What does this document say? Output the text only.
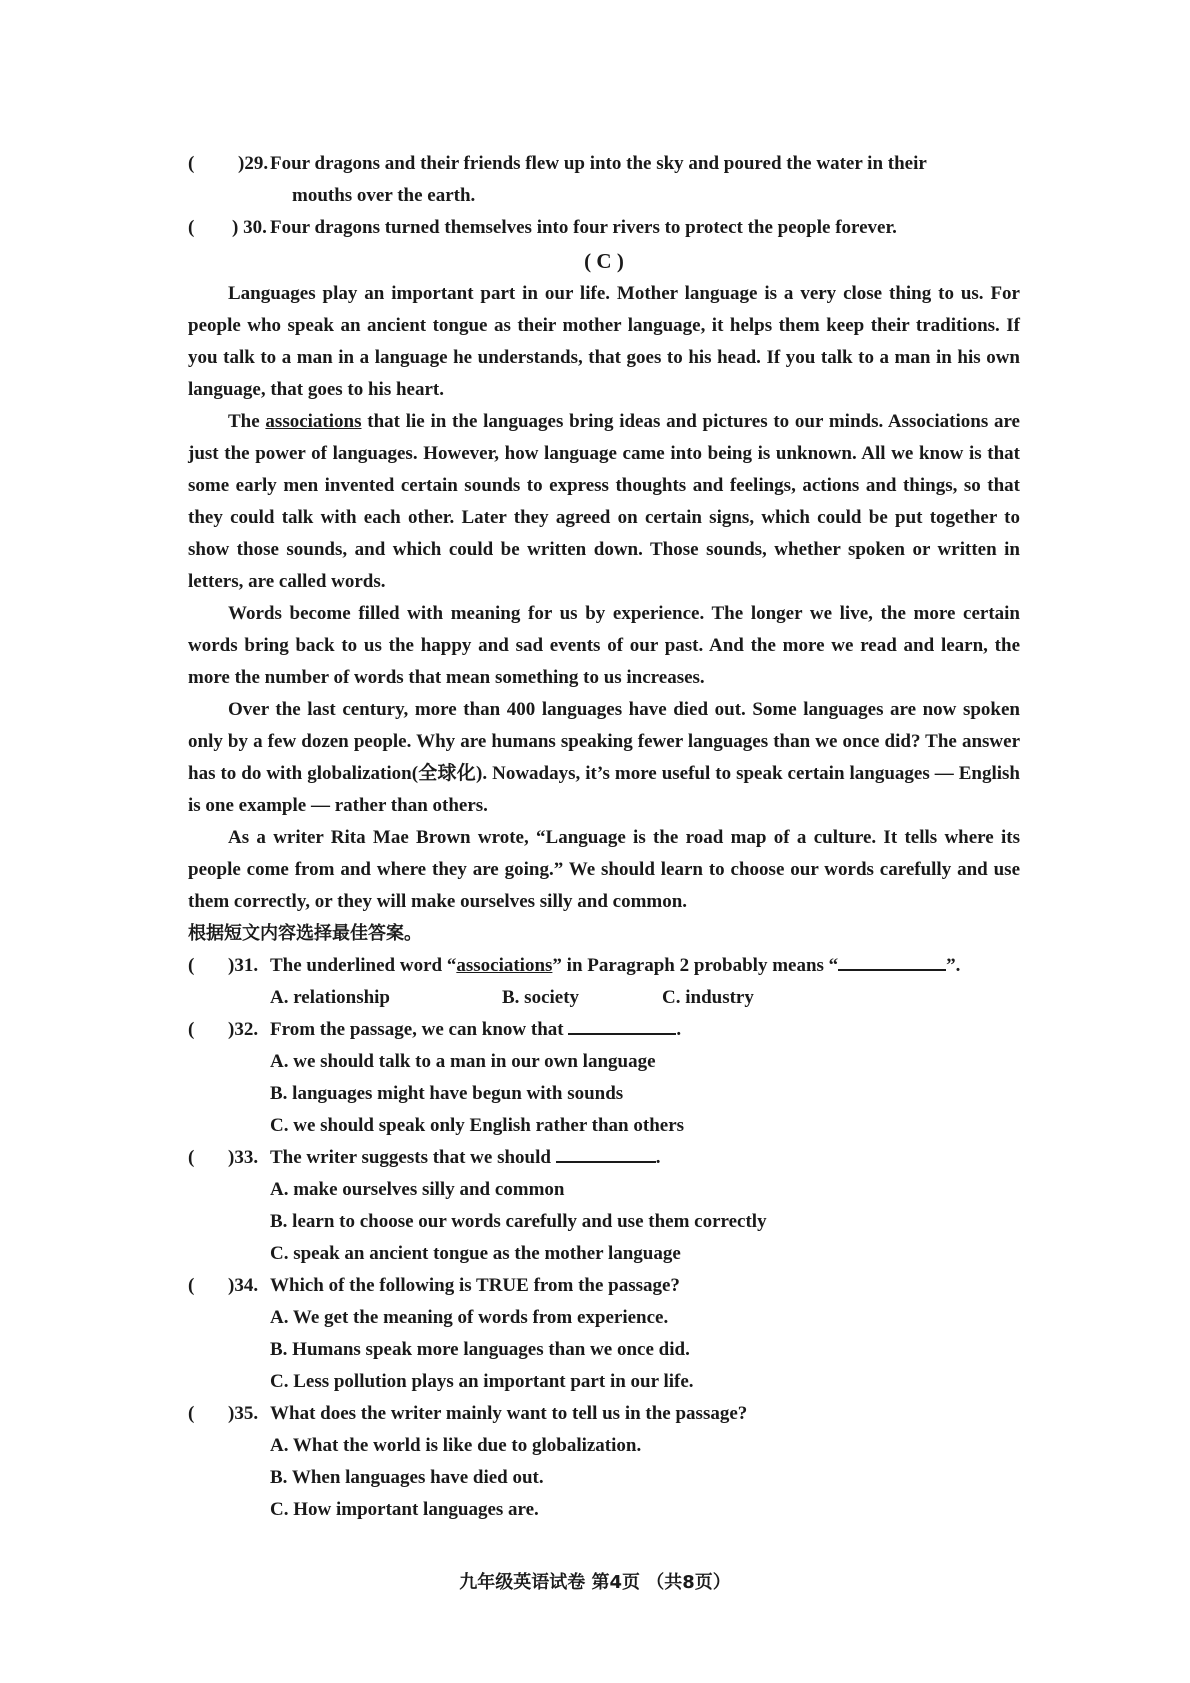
( )29. Four dragons and their friends flew up into the sky and poured the water in their
mouths over the earth.
( ) 30. Four dragons turned themselves into four rivers to protect the people forever.
( C )

Languages play an important part in our life. Mother language is a very close thing to us. For people who speak an ancient tongue as their mother language, it helps them keep their traditions. If you talk to a man in a language he understands, that goes to his head. If you talk to a man in his own language, that goes to his heart.

The associations that lie in the languages bring ideas and pictures to our minds. Associations are just the power of languages. However, how language came into being is unknown. All we know is that some early men invented certain sounds to express thoughts and feelings, actions and things, so that they could talk with each other. Later they agreed on certain signs, which could be put together to show those sounds, and which could be written down. Those sounds, whether spoken or written in letters, are called words.

Words become filled with meaning for us by experience. The longer we live, the more certain words bring back to us the happy and sad events of our past. And the more we read and learn, the more the number of words that mean something to us increases.

Over the last century, more than 400 languages have died out. Some languages are now spoken only by a few dozen people. Why are humans speaking fewer languages than we once did? The answer has to do with globalization(全球化). Nowadays, it’s more useful to speak certain languages — English is one example — rather than others.

As a writer Rita Mae Brown wrote, “Language is the road map of a culture. It tells where its people come from and where they are going.” We should learn to choose our words carefully and use them correctly, or they will make ourselves silly and common.

根据短文内容选择最佳答案。

( )31. The underlined word “associations” in Paragraph 2 probably means “	”.
A. relationship	B. society	C. industry
( )32. From the passage, we can know that	.
A. we should talk to a man in our own language
B. languages might have begun with sounds
C. we should speak only English rather than others
( )33. The writer suggests that we should	.
A. make ourselves silly and common
B. learn to choose our words carefully and use them correctly
C. speak an ancient tongue as the mother language
( )34. Which of the following is TRUE from the passage?
A. We get the meaning of words from experience.
B. Humans speak more languages than we once did.
C. Less pollution plays an important part in our life.
( )35. What does the writer mainly want to tell us in the passage?
A. What the world is like due to globalization.
B. When languages have died out.
C. How important languages are.
九年级英语试卷 第4页 （共8页）
